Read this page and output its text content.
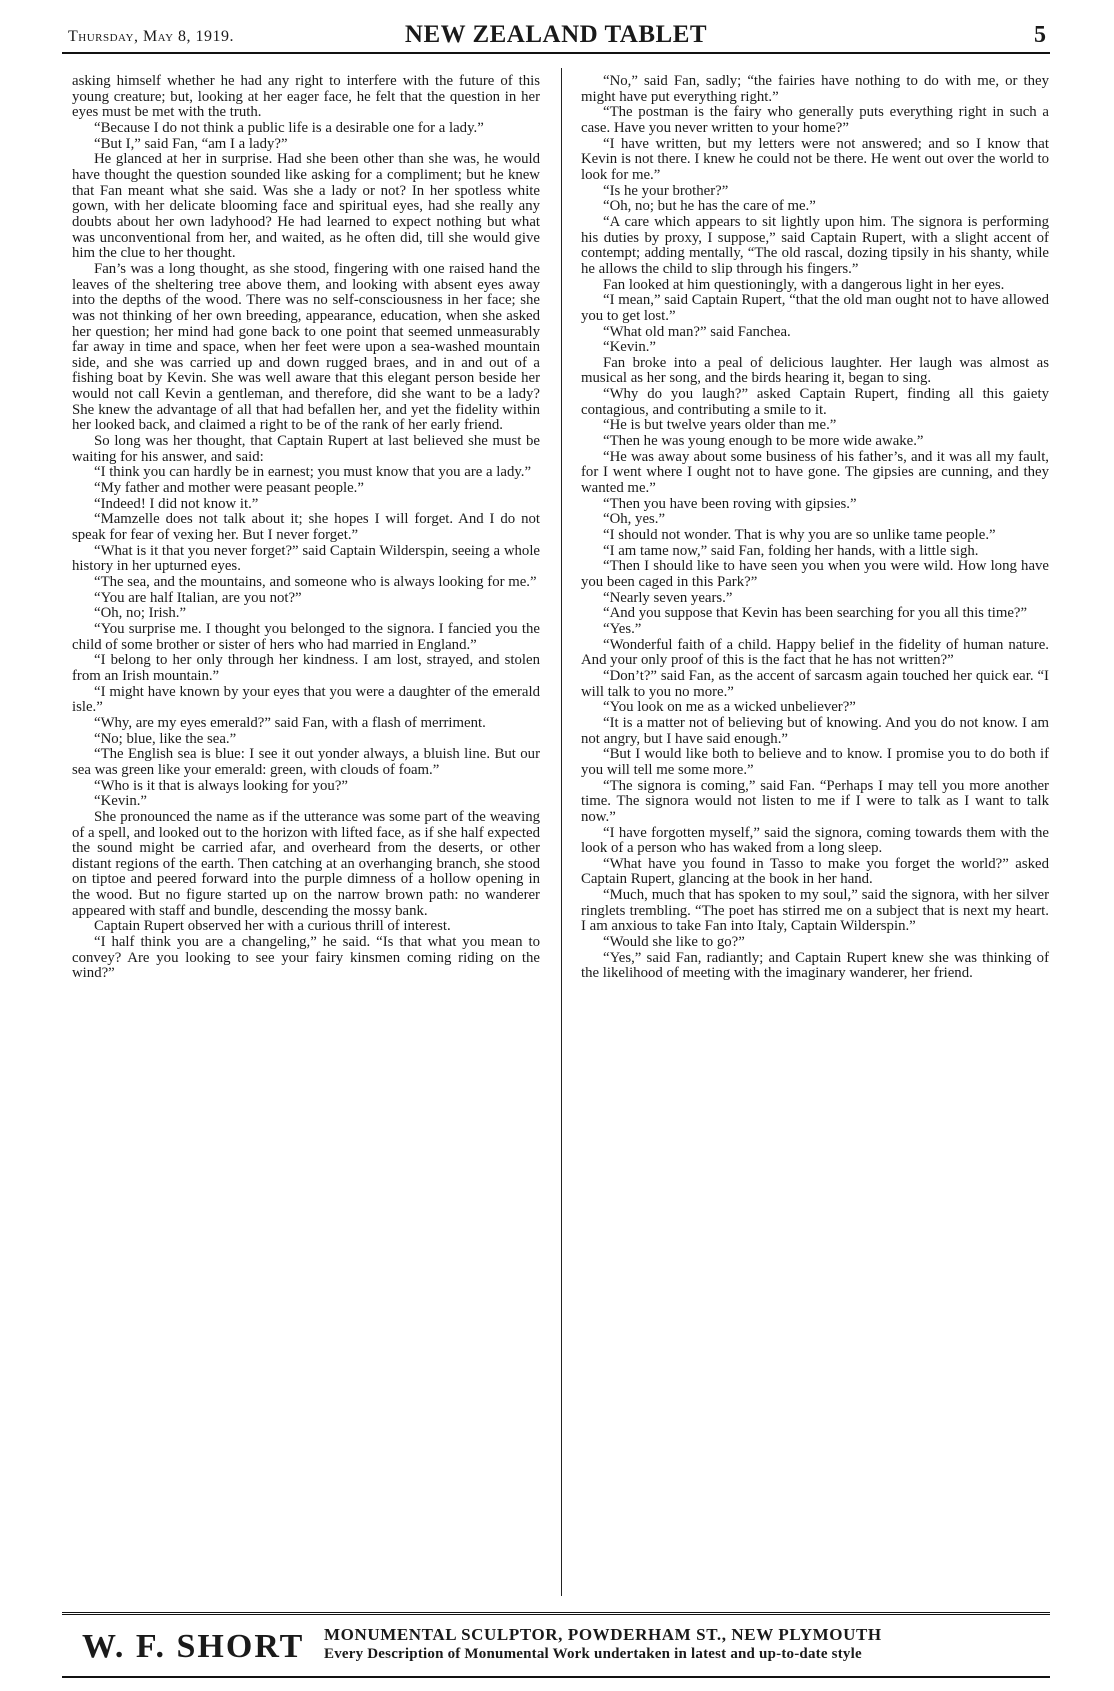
Thursday, May 8, 1919.	NEW ZEALAND TABLET	5

asking himself whether he had any right to interfere with the future of this young creature; but, looking at her eager face, he felt that the question in her eyes must be met with the truth.

“Because I do not think a public life is a desirable one for a lady.”

“But I,” said Fan, “am I a lady?”

He glanced at her in surprise. Had she been other than she was, he would have thought the question sounded like asking for a compliment; but he knew that Fan meant what she said. Was she a lady or not? In her spotless white gown, with her delicate blooming face and spiritual eyes, had she really any doubts about her own ladyhood? He had learned to expect nothing but what was unconventional from her, and waited, as he often did, till she would give him the clue to her thought.

Fan’s was a long thought, as she stood, fingering with one raised hand the leaves of the sheltering tree above them, and looking with absent eyes away into the depths of the wood. There was no self-consciousness in her face; she was not thinking of her own breeding, appearance, education, when she asked her question; her mind had gone back to one point that seemed unmeasurably far away in time and space, when her feet were upon a sea-washed mountain side, and she was carried up and down rugged braes, and in and out of a fishing boat by Kevin. She was well aware that this elegant person beside her would not call Kevin a gentleman, and therefore, did she want to be a lady? She knew the advantage of all that had befallen her, and yet the fidelity within her looked back, and claimed a right to be of the rank of her early friend.

So long was her thought, that Captain Rupert at last believed she must be waiting for his answer, and said:

“I think you can hardly be in earnest; you must know that you are a lady.”

“My father and mother were peasant people.”

“Indeed! I did not know it.”

“Mamzelle does not talk about it; she hopes I will forget. And I do not speak for fear of vexing her. But I never forget.”

“What is it that you never forget?” said Captain Wilderspin, seeing a whole history in her upturned eyes.

“The sea, and the mountains, and someone who is always looking for me.”

“You are half Italian, are you not?”

“Oh, no; Irish.”

“You surprise me. I thought you belonged to the signora. I fancied you the child of some brother or sister of hers who had married in England.”

“I belong to her only through her kindness. I am lost, strayed, and stolen from an Irish mountain.”

“I might have known by your eyes that you were a daughter of the emerald isle.”

“Why, are my eyes emerald?” said Fan, with a flash of merriment.

“No; blue, like the sea.”

“The English sea is blue: I see it out yonder always, a bluish line. But our sea was green like your emerald: green, with clouds of foam.”

“Who is it that is always looking for you?”

“Kevin.”

She pronounced the name as if the utterance was some part of the weaving of a spell, and looked out to the horizon with lifted face, as if she half expected the sound might be carried afar, and overheard from the deserts, or other distant regions of the earth. Then catching at an overhanging branch, she stood on tiptoe and peered forward into the purple dimness of a hollow opening in the wood. But no figure started up on the narrow brown path: no wanderer appeared with staff and bundle, descending the mossy bank.

Captain Rupert observed her with a curious thrill of interest.

“I half think you are a changeling,” he said. “Is that what you mean to convey? Are you looking to see your fairy kinsmen coming riding on the wind?”

“No,” said Fan, sadly; “the fairies have nothing to do with me, or they might have put everything right.”

“The postman is the fairy who generally puts everything right in such a case. Have you never written to your home?”

“I have written, but my letters were not answered; and so I know that Kevin is not there. I knew he could not be there. He went out over the world to look for me.”

“Is he your brother?”

“Oh, no; but he has the care of me.”

“A care which appears to sit lightly upon him. The signora is performing his duties by proxy, I suppose,” said Captain Rupert, with a slight accent of contempt; adding mentally, “The old rascal, dozing tipsily in his shanty, while he allows the child to slip through his fingers.”

Fan looked at him questioningly, with a dangerous light in her eyes.

“I mean,” said Captain Rupert, “that the old man ought not to have allowed you to get lost.”

“What old man?” said Fanchea.

“Kevin.”

Fan broke into a peal of delicious laughter. Her laugh was almost as musical as her song, and the birds hearing it, began to sing.

“Why do you laugh?” asked Captain Rupert, finding all this gaiety contagious, and contributing a smile to it.

“He is but twelve years older than me.”

“Then he was young enough to be more wide awake.”

“He was away about some business of his father’s, and it was all my fault, for I went where I ought not to have gone. The gipsies are cunning, and they wanted me.”

“Then you have been roving with gipsies.”

“Oh, yes.”

“I should not wonder. That is why you are so unlike tame people.”

“I am tame now,” said Fan, folding her hands, with a little sigh.

“Then I should like to have seen you when you were wild. How long have you been caged in this Park?”

“Nearly seven years.”

“And you suppose that Kevin has been searching for you all this time?”

“Yes.”

“Wonderful faith of a child. Happy belief in the fidelity of human nature. And your only proof of this is the fact that he has not written?”

“Don’t?” said Fan, as the accent of sarcasm again touched her quick ear. “I will talk to you no more.”

“You look on me as a wicked unbeliever?”

“It is a matter not of believing but of knowing. And you do not know. I am not angry, but I have said enough.”

“But I would like both to believe and to know. I promise you to do both if you will tell me some more.”

“The signora is coming,” said Fan. “Perhaps I may tell you more another time. The signora would not listen to me if I were to talk as I want to talk now.”

“I have forgotten myself,” said the signora, coming towards them with the look of a person who has waked from a long sleep.

“What have you found in Tasso to make you forget the world?” asked Captain Rupert, glancing at the book in her hand.

“Much, much that has spoken to my soul,” said the signora, with her silver ringlets trembling. “The poet has stirred me on a subject that is next my heart. I am anxious to take Fan into Italy, Captain Wilderspin.”

“Would she like to go?”

“Yes,” said Fan, radiantly; and Captain Rupert knew she was thinking of the likelihood of meeting with the imaginary wanderer, her friend.

W. F. SHORT MONUMENTAL SCULPTOR, POWDERHAM ST., NEW PLYMOUTH
Every Description of Monumental Work undertaken in latest and up-to-date style
